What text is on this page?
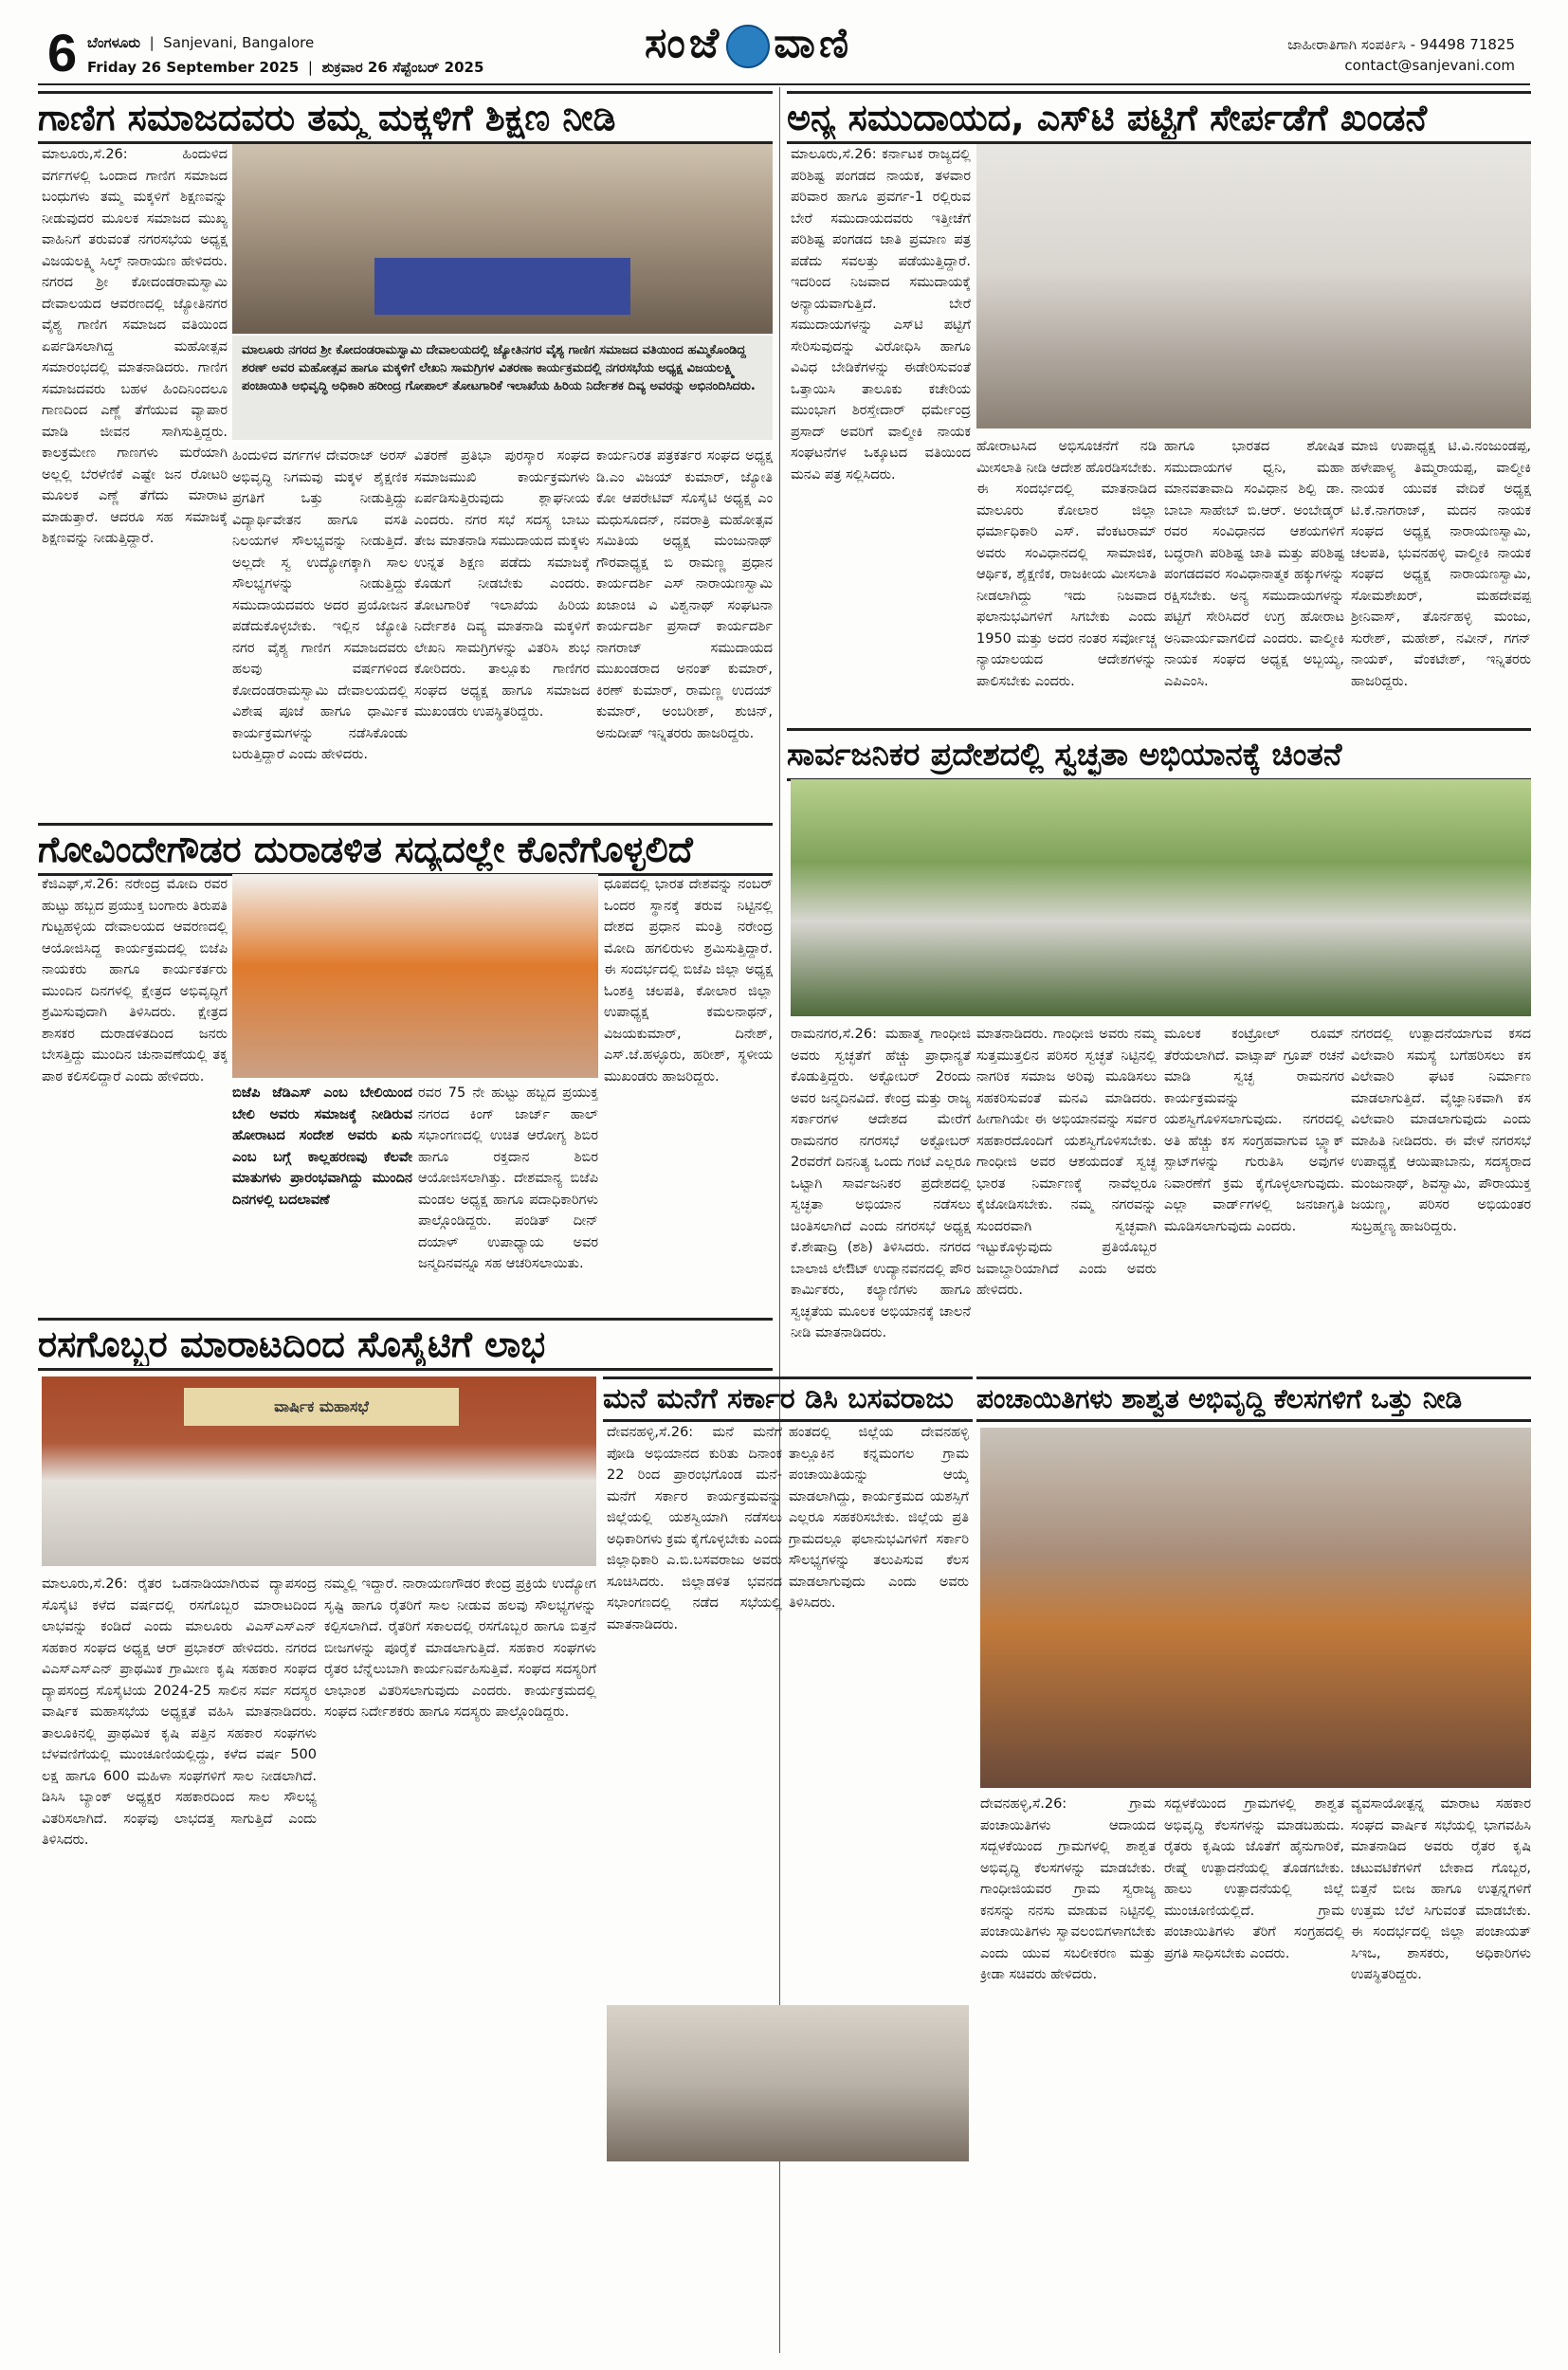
6 ಬೆಂಗಳೂರು  |  Sanjevani, Bangalore
Friday 26 September 2025  |  ಶುಕ್ರವಾರ 26 ಸೆಪ್ಟೆಂಬರ್ 2025	ಸಂಜೆ ವಾಣಿ	ಜಾಹೀರಾತಿಗಾಗಿ ಸಂಪರ್ಕಿಸಿ - 94498 71825
contact@sanjevani.com
ಗಾಣಿಗ ಸಮಾಜದವರು ತಮ್ಮ ಮಕ್ಕಳಿಗೆ ಶಿಕ್ಷಣ ನೀಡಿ

ಮಾಲೂರು,ಸೆ.26: ಹಿಂದುಳಿದ ವರ್ಗಗಳಲ್ಲಿ ಒಂದಾದ ಗಾಣಿಗ ಸಮಾಜದ ಬಂಧುಗಳು ತಮ್ಮ ಮಕ್ಕಳಿಗೆ ಶಿಕ್ಷಣವನ್ನು ನೀಡುವುದರ ಮೂಲಕ ಸಮಾಜದ ಮುಖ್ಯ ವಾಹಿನಿಗೆ ತರುವಂತೆ ನಗರಸಭೆಯ ಅಧ್ಯಕ್ಷ ವಿಜಯಲಕ್ಷ್ಮಿ ಸಿಲ್ಕ್ ನಾರಾಯಣ ಹೇಳಿದರು. ನಗರದ ಶ್ರೀ ಕೋದಂಡರಾಮಸ್ವಾಮಿ ದೇವಾಲಯದ ಆವರಣದಲ್ಲಿ ಜ್ಯೋತಿನಗರ ವೈಶ್ಯ ಗಾಣಿಗ ಸಮಾಜದ ವತಿಯಿಂದ ಏರ್ಪಡಿಸಲಾಗಿದ್ದ ಮಹೋತ್ಸವ ಸಮಾರಂಭದಲ್ಲಿ ಮಾತನಾಡಿದರು. ಗಾಣಿಗ ಸಮಾಜದವರು ಬಹಳ ಹಿಂದಿನಿಂದಲೂ ಗಾಣದಿಂದ ಎಣ್ಣೆ ತೆಗೆಯುವ ವ್ಯಾಪಾರ ಮಾಡಿ ಜೀವನ ಸಾಗಿಸುತ್ತಿದ್ದರು. ಕಾಲಕ್ರಮೇಣ ಗಾಣಗಳು ಮರೆಯಾಗಿ ಅಲ್ಲಲ್ಲಿ ಬೆರಳೆಣಿಕೆ ಎಷ್ಟೇ ಜನ ರೋಟರಿ ಮೂಲಕ ಎಣ್ಣೆ ತೆಗೆದು ಮಾರಾಟ ಮಾಡುತ್ತಾರೆ. ಆದರೂ ಸಹ ಸಮಾಜಕ್ಕೆ ಶಿಕ್ಷಣವನ್ನು ನೀಡುತ್ತಿದ್ದಾರೆ.

ಮಾಲೂರು ನಗರದ ಶ್ರೀ ಕೋದಂಡರಾಮಸ್ವಾಮಿ ದೇವಾಲಯದಲ್ಲಿ ಜ್ಯೋತಿನಗರ ವೈಶ್ಯ ಗಾಣಿಗ ಸಮಾಜದ ವತಿಯಿಂದ ಹಮ್ಮಿಕೊಂಡಿದ್ದ ಶರಣ್ ಅವರ ಮಹೋತ್ಸವ ಹಾಗೂ ಮಕ್ಕಳಿಗೆ ಲೇಖನಿ ಸಾಮಗ್ರಿಗಳ ವಿತರಣಾ ಕಾರ್ಯಕ್ರಮದಲ್ಲಿ ನಗರಸಭೆಯ ಅಧ್ಯಕ್ಷ ವಿಜಯಲಕ್ಷ್ಮಿ ಪಂಚಾಯಿತಿ ಅಭಿವೃದ್ಧಿ ಅಧಿಕಾರಿ ಹರೀಂದ್ರ ಗೋಪಾಲ್ ತೋಟಗಾರಿಕೆ ಇಲಾಖೆಯ ಹಿರಿಯ ನಿರ್ದೇಶಕ ದಿವ್ಯ ಅವರನ್ನು ಅಭಿನಂದಿಸಿದರು.

ಹಿಂದುಳಿದ ವರ್ಗಗಳ ದೇವರಾಜ್ ಅರಸ್ ಅಭಿವೃದ್ಧಿ ನಿಗಮವು ಮಕ್ಕಳ ಶೈಕ್ಷಣಿಕ ಪ್ರಗತಿಗೆ ಒತ್ತು ನೀಡುತ್ತಿದ್ದು ವಿದ್ಯಾರ್ಥಿವೇತನ ಹಾಗೂ ವಸತಿ ನಿಲಯಗಳ ಸೌಲಭ್ಯವನ್ನು ನೀಡುತ್ತಿದೆ. ಅಲ್ಲದೇ ಸ್ವ ಉದ್ಯೋಗಕ್ಕಾಗಿ ಸಾಲ ಸೌಲಭ್ಯಗಳನ್ನು ನೀಡುತ್ತಿದ್ದು ಸಮುದಾಯದವರು ಅದರ ಪ್ರಯೋಜನ ಪಡೆದುಕೊಳ್ಳಬೇಕು. ಇಲ್ಲಿನ ಜ್ಯೋತಿ ನಗರ ವೈಶ್ಯ ಗಾಣಿಗ ಸಮಾಜದವರು ಹಲವು ವರ್ಷಗಳಿಂದ ಕೋದಂಡರಾಮಸ್ವಾಮಿ ದೇವಾಲಯದಲ್ಲಿ ವಿಶೇಷ ಪೂಜೆ ಹಾಗೂ ಧಾರ್ಮಿಕ ಕಾರ್ಯಕ್ರಮಗಳನ್ನು ನಡೆಸಿಕೊಂಡು ಬರುತ್ತಿದ್ದಾರೆ ಎಂದು ಹೇಳಿದರು.

ವಿತರಣೆ ಪ್ರತಿಭಾ ಪುರಸ್ಕಾರ ಸಂಘದ ಸಮಾಜಮುಖಿ ಕಾರ್ಯಕ್ರಮಗಳು ಏರ್ಪಡಿಸುತ್ತಿರುವುದು ಶ್ಲಾಘನೀಯ ಎಂದರು. ನಗರ ಸಭೆ ಸದಸ್ಯ ಬಾಬು ತೇಜ ಮಾತನಾಡಿ ಸಮುದಾಯದ ಮಕ್ಕಳು ಉನ್ನತ ಶಿಕ್ಷಣ ಪಡೆದು ಸಮಾಜಕ್ಕೆ ಕೊಡುಗೆ ನೀಡಬೇಕು ಎಂದರು. ತೋಟಗಾರಿಕೆ ಇಲಾಖೆಯ ಹಿರಿಯ ನಿರ್ದೇಶಕಿ ದಿವ್ಯ ಮಾತನಾಡಿ ಮಕ್ಕಳಿಗೆ ಲೇಖನಿ ಸಾಮಗ್ರಿಗಳನ್ನು ವಿತರಿಸಿ ಶುಭ ಕೋರಿದರು. ತಾಲ್ಲೂಕು ಗಾಣಿಗರ ಸಂಘದ ಅಧ್ಯಕ್ಷ ಹಾಗೂ ಸಮಾಜದ ಮುಖಂಡರು ಉಪಸ್ಥಿತರಿದ್ದರು.

ಕಾರ್ಯನಿರತ ಪತ್ರಕರ್ತರ ಸಂಘದ ಅಧ್ಯಕ್ಷ ಡಿ.ಎಂ ವಿಜಯ್ ಕುಮಾರ್, ಜ್ಯೋತಿ ಕೋ ಆಪರೇಟಿವ್ ಸೊಸೈಟಿ ಅಧ್ಯಕ್ಷ ಎಂ ಮಧುಸೂದನ್, ನವರಾತ್ರಿ ಮಹೋತ್ಸವ ಸಮಿತಿಯ ಅಧ್ಯಕ್ಷ ಮಂಜುನಾಥ್ ಗೌರವಾಧ್ಯಕ್ಷ ಬಿ ರಾಮಣ್ಣ ಪ್ರಧಾನ ಕಾರ್ಯದರ್ಶಿ ಎಸ್ ನಾರಾಯಣಸ್ವಾಮಿ ಖಜಾಂಚಿ ವಿ ವಿಶ್ವನಾಥ್ ಸಂಘಟನಾ ಕಾರ್ಯದರ್ಶಿ ಪ್ರಸಾದ್ ಕಾರ್ಯದರ್ಶಿ ನಾಗರಾಜ್ ಸಮುದಾಯದ ಮುಖಂಡರಾದ ಅನಂತ್ ಕುಮಾರ್, ಕಿರಣ್ ಕುಮಾರ್, ರಾಮಣ್ಣ ಉದಯ್ ಕುಮಾರ್, ಅಂಬರೀಶ್, ಶುಚಿನ್, ಅನುದೀಪ್ ಇನ್ನಿತರರು ಹಾಜರಿದ್ದರು.

ಗೋವಿಂದೇಗೌಡರ ದುರಾಡಳಿತ ಸದ್ಯದಲ್ಲೇ ಕೊನೆಗೊಳ್ಳಲಿದೆ

ಕೆಜಿಎಫ್,ಸೆ.26: ನರೇಂದ್ರ ಮೋದಿ ರವರ ಹುಟ್ಟು ಹಬ್ಬದ ಪ್ರಯುಕ್ತ ಬಂಗಾರು ತಿರುಪತಿ ಗುಟ್ಟಹಳ್ಳಿಯ ದೇವಾಲಯದ ಆವರಣದಲ್ಲಿ ಆಯೋಜಿಸಿದ್ದ ಕಾರ್ಯಕ್ರಮದಲ್ಲಿ ಬಿಜೆಪಿ ನಾಯಕರು ಹಾಗೂ ಕಾರ್ಯಕರ್ತರು ಮುಂದಿನ ದಿನಗಳಲ್ಲಿ ಕ್ಷೇತ್ರದ ಅಭಿವೃದ್ಧಿಗೆ ಶ್ರಮಿಸುವುದಾಗಿ ತಿಳಿಸಿದರು. ಕ್ಷೇತ್ರದ ಶಾಸಕರ ದುರಾಡಳಿತದಿಂದ ಜನರು ಬೇಸತ್ತಿದ್ದು ಮುಂದಿನ ಚುನಾವಣೆಯಲ್ಲಿ ತಕ್ಕ ಪಾಠ ಕಲಿಸಲಿದ್ದಾರೆ ಎಂದು ಹೇಳಿದರು.

ಬಿಜೆಪಿ ಜೆಡಿಎಸ್ ಎಂಬ ಬೇಲಿಯಿಂದ ಬೇಲಿ ಅವರು ಸಮಾಜಕ್ಕೆ ನೀಡಿರುವ ಹೋರಾಟದ ಸಂದೇಶ ಅವರು ಏನು ಎಂಬ ಬಗ್ಗೆ ಕಾಲ್ಲಹರಣವು ಕೆಲವೇ ಮಾತುಗಳು ಪ್ರಾರಂಭವಾಗಿದ್ದು ಮುಂದಿನ ದಿನಗಳಲ್ಲಿ ಬದಲಾವಣೆ

ರವರ 75 ನೇ ಹುಟ್ಟು ಹಬ್ಬದ ಪ್ರಯುಕ್ತ ನಗರದ ಕಿಂಗ್ ಜಾರ್ಜ್ ಹಾಲ್ ಸಭಾಂಗಣದಲ್ಲಿ ಉಚಿತ ಆರೋಗ್ಯ ಶಿಬಿರ ಹಾಗೂ ರಕ್ತದಾನ ಶಿಬಿರ ಆಯೋಜಿಸಲಾಗಿತ್ತು. ದೇಶಮಾನ್ಯ ಬಿಜೆಪಿ ಮಂಡಲ ಅಧ್ಯಕ್ಷ ಹಾಗೂ ಪದಾಧಿಕಾರಿಗಳು ಪಾಲ್ಗೊಂಡಿದ್ದರು. ಪಂಡಿತ್ ದೀನ್ ದಯಾಳ್ ಉಪಾಧ್ಯಾಯ ಅವರ ಜನ್ಮದಿನವನ್ನೂ ಸಹ ಆಚರಿಸಲಾಯಿತು.

ಧೂಪದಲ್ಲಿ ಭಾರತ ದೇಶವನ್ನು ನಂಬರ್ ಒಂದರ ಸ್ಥಾನಕ್ಕೆ ತರುವ ನಿಟ್ಟಿನಲ್ಲಿ ದೇಶದ ಪ್ರಧಾನ ಮಂತ್ರಿ ನರೇಂದ್ರ ಮೋದಿ ಹಗಲಿರುಳು ಶ್ರಮಿಸುತ್ತಿದ್ದಾರೆ. ಈ ಸಂದರ್ಭದಲ್ಲಿ ಬಿಜೆಪಿ ಜಿಲ್ಲಾ ಅಧ್ಯಕ್ಷ ಓಂಶಕ್ತಿ ಚಲಪತಿ, ಕೋಲಾರ ಜಿಲ್ಲಾ ಉಪಾಧ್ಯಕ್ಷ ಕಮಲನಾಥನ್, ವಿಜಯಕುಮಾರ್, ದಿನೇಶ್, ಎಸ್.ಜೆ.ಹಳ್ಳೂರು, ಹರೀಶ್, ಸ್ಥಳೀಯ ಮುಖಂಡರು ಹಾಜರಿದ್ದರು.

ರಸಗೊಬ್ಬರ ಮಾರಾಟದಿಂದ ಸೊಸೈಟಿಗೆ ಲಾಭ
ವಾರ್ಷಿಕ ಮಹಾಸಭೆ

ಮಾಲೂರು,ಸೆ.26: ರೈತರ ಒಡನಾಡಿಯಾಗಿರುವ ದ್ಯಾಪಸಂದ್ರ ಸೊಸೈಟಿ ಕಳೆದ ವರ್ಷದಲ್ಲಿ ರಸಗೊಬ್ಬರ ಮಾರಾಟದಿಂದ ಲಾಭವನ್ನು ಕಂಡಿದೆ ಎಂದು ಮಾಲೂರು ವಿಎಸ್‌ಎಸ್‌ಎನ್ ಸಹಕಾರ ಸಂಘದ ಅಧ್ಯಕ್ಷ ಆರ್ ಪ್ರಭಾಕರ್ ಹೇಳಿದರು. ನಗರದ ವಿಎಸ್‌ಎಸ್‌ಎನ್ ಪ್ರಾಥಮಿಕ ಗ್ರಾಮೀಣ ಕೃಷಿ ಸಹಕಾರ ಸಂಘದ ದ್ಯಾಪಸಂದ್ರ ಸೊಸೈಟಿಯ 2024-25 ಸಾಲಿನ ಸರ್ವ ಸದಸ್ಯರ ವಾರ್ಷಿಕ ಮಹಾಸಭೆಯ ಅಧ್ಯಕ್ಷತೆ ವಹಿಸಿ ಮಾತನಾಡಿದರು. ತಾಲೂಕಿನಲ್ಲಿ ಪ್ರಾಥಮಿಕ ಕೃಷಿ ಪತ್ತಿನ ಸಹಕಾರ ಸಂಘಗಳು ಬೆಳವಣಿಗೆಯಲ್ಲಿ ಮುಂಚೂಣಿಯಲ್ಲಿದ್ದು, ಕಳೆದ ವರ್ಷ 500 ಲಕ್ಷ ಹಾಗೂ 600 ಮಹಿಳಾ ಸಂಘಗಳಿಗೆ ಸಾಲ ನೀಡಲಾಗಿದೆ. ಡಿಸಿಸಿ ಬ್ಯಾಂಕ್ ಅಧ್ಯಕ್ಷರ ಸಹಕಾರದಿಂದ ಸಾಲ ಸೌಲಭ್ಯ ವಿತರಿಸಲಾಗಿದೆ. ಸಂಘವು ಲಾಭದತ್ತ ಸಾಗುತ್ತಿದೆ ಎಂದು ತಿಳಿಸಿದರು.

ನಮ್ಮಲ್ಲಿ ಇದ್ದಾರೆ. ನಾರಾಯಣಗೌಡರ ಕೇಂದ್ರ ಪ್ರಕ್ರಿಯೆ ಉದ್ಯೋಗ ಸೃಷ್ಟಿ ಹಾಗೂ ರೈತರಿಗೆ ಸಾಲ ನೀಡುವ ಹಲವು ಸೌಲಭ್ಯಗಳನ್ನು ಕಲ್ಪಿಸಲಾಗಿದೆ. ರೈತರಿಗೆ ಸಕಾಲದಲ್ಲಿ ರಸಗೊಬ್ಬರ ಹಾಗೂ ಬಿತ್ತನೆ ಬೀಜಗಳನ್ನು ಪೂರೈಕೆ ಮಾಡಲಾಗುತ್ತಿದೆ. ಸಹಕಾರ ಸಂಘಗಳು ರೈತರ ಬೆನ್ನೆಲುಬಾಗಿ ಕಾರ್ಯನಿರ್ವಹಿಸುತ್ತಿವೆ. ಸಂಘದ ಸದಸ್ಯರಿಗೆ ಲಾಭಾಂಶ ವಿತರಿಸಲಾಗುವುದು ಎಂದರು. ಕಾರ್ಯಕ್ರಮದಲ್ಲಿ ಸಂಘದ ನಿರ್ದೇಶಕರು ಹಾಗೂ ಸದಸ್ಯರು ಪಾಲ್ಗೊಂಡಿದ್ದರು.

ಮನೆ ಮನೆಗೆ ಸರ್ಕಾರ ಡಿಸಿ ಬಸವರಾಜು

ದೇವನಹಳ್ಳಿ,ಸೆ.26: ಮನೆ ಮನೆಗೆ ಪೋಡಿ ಅಭಿಯಾನದ ಕುರಿತು ದಿನಾಂಕ 22 ರಿಂದ ಪ್ರಾರಂಭಗೊಂಡ ಮನೆ-ಮನೆಗೆ ಸರ್ಕಾರ ಕಾರ್ಯಕ್ರಮವನ್ನು ಜಿಲ್ಲೆಯಲ್ಲಿ ಯಶಸ್ವಿಯಾಗಿ ನಡೆಸಲು ಅಧಿಕಾರಿಗಳು ಕ್ರಮ ಕೈಗೊಳ್ಳಬೇಕು ಎಂದು ಜಿಲ್ಲಾಧಿಕಾರಿ ಎ.ಬಿ.ಬಸವರಾಜು ಅವರು ಸೂಚಿಸಿದರು. ಜಿಲ್ಲಾಡಳಿತ ಭವನದ ಸಭಾಂಗಣದಲ್ಲಿ ನಡೆದ ಸಭೆಯಲ್ಲಿ ಮಾತನಾಡಿದರು.

ಹಂತದಲ್ಲಿ ಜಿಲ್ಲೆಯ ದೇವನಹಳ್ಳಿ ತಾಲ್ಲೂಕಿನ ಕನ್ನಮಂಗಲ ಗ್ರಾಮ ಪಂಚಾಯಿತಿಯನ್ನು ಆಯ್ಕೆ ಮಾಡಲಾಗಿದ್ದು, ಕಾರ್ಯಕ್ರಮದ ಯಶಸ್ಸಿಗೆ ಎಲ್ಲರೂ ಸಹಕರಿಸಬೇಕು. ಜಿಲ್ಲೆಯ ಪ್ರತಿ ಗ್ರಾಮದಲ್ಲೂ ಫಲಾನುಭವಿಗಳಿಗೆ ಸರ್ಕಾರಿ ಸೌಲಭ್ಯಗಳನ್ನು ತಲುಪಿಸುವ ಕೆಲಸ ಮಾಡಲಾಗುವುದು ಎಂದು ಅವರು ತಿಳಿಸಿದರು.

ಅನ್ಯ ಸಮುದಾಯದ, ಎಸ್‌ಟಿ ಪಟ್ಟಿಗೆ ಸೇರ್ಪಡೆಗೆ ಖಂಡನೆ

ಮಾಲೂರು,ಸೆ.26: ಕರ್ನಾಟಕ ರಾಜ್ಯದಲ್ಲಿ ಪರಿಶಿಷ್ಟ ಪಂಗಡದ ನಾಯಕ, ತಳವಾರ ಪರಿವಾರ ಹಾಗೂ ಪ್ರವರ್ಗ-1 ರಲ್ಲಿರುವ ಬೇರೆ ಸಮುದಾಯದವರು ಇತ್ತೀಚೆಗೆ ಪರಿಶಿಷ್ಟ ಪಂಗಡದ ಜಾತಿ ಪ್ರಮಾಣ ಪತ್ರ ಪಡೆದು ಸವಲತ್ತು ಪಡೆಯುತ್ತಿದ್ದಾರೆ. ಇದರಿಂದ ನಿಜವಾದ ಸಮುದಾಯಕ್ಕೆ ಅನ್ಯಾಯವಾಗುತ್ತಿದೆ. ಬೇರೆ ಸಮುದಾಯಗಳನ್ನು ಎಸ್‌ಟಿ ಪಟ್ಟಿಗೆ ಸೇರಿಸುವುದನ್ನು ವಿರೋಧಿಸಿ ಹಾಗೂ ವಿವಿಧ ಬೇಡಿಕೆಗಳನ್ನು ಈಡೇರಿಸುವಂತೆ ಒತ್ತಾಯಿಸಿ ತಾಲೂಕು ಕಚೇರಿಯ ಮುಂಭಾಗ ಶಿರಸ್ತೇದಾರ್ ಧರ್ಮೇಂದ್ರ ಪ್ರಸಾದ್ ಅವರಿಗೆ ವಾಲ್ಮೀಕಿ ನಾಯಕ ಸಂಘಟನೆಗಳ ಒಕ್ಕೂಟದ ವತಿಯಿಂದ ಮನವಿ ಪತ್ರ ಸಲ್ಲಿಸಿದರು.

ಹೋರಾಟಸಿದ ಅಭಿಸೂಚನೆಗೆ ನಡಿ ಮೀಸಲಾತಿ ನೀಡಿ ಆದೇಶ ಹೊರಡಿಸಬೇಕು. ಈ ಸಂದರ್ಭದಲ್ಲಿ ಮಾತನಾಡಿದ ಮಾಲೂರು ಕೋಲಾರ ಜಿಲ್ಲಾ ಧರ್ಮಾಧಿಕಾರಿ ಎಸ್. ವೆಂಕಟರಾಮ್ ಅವರು ಸಂವಿಧಾನದಲ್ಲಿ ಸಾಮಾಜಿಕ, ಆರ್ಥಿಕ, ಶೈಕ್ಷಣಿಕ, ರಾಜಕೀಯ ಮೀಸಲಾತಿ ನೀಡಲಾಗಿದ್ದು ಇದು ನಿಜವಾದ ಫಲಾನುಭವಿಗಳಿಗೆ ಸಿಗಬೇಕು ಎಂದು 1950 ಮತ್ತು ಅದರ ನಂತರ ಸರ್ವೋಚ್ಚ ನ್ಯಾಯಾಲಯದ ಆದೇಶಗಳನ್ನು ಪಾಲಿಸಬೇಕು ಎಂದರು.

ಹಾಗೂ ಭಾರತದ ಶೋಷಿತ ಸಮುದಾಯಗಳ ಧ್ವನಿ, ಮಹಾ ಮಾನವತಾವಾದಿ ಸಂವಿಧಾನ ಶಿಲ್ಪಿ ಡಾ. ಬಾಬಾ ಸಾಹೇಬ್ ಬಿ.ಆರ್. ಅಂಬೇಡ್ಕರ್ ರವರ ಸಂವಿಧಾನದ ಆಶಯಗಳಿಗೆ ಬದ್ಧರಾಗಿ ಪರಿಶಿಷ್ಟ ಜಾತಿ ಮತ್ತು ಪರಿಶಿಷ್ಟ ಪಂಗಡದವರ ಸಂವಿಧಾನಾತ್ಮಕ ಹಕ್ಕುಗಳನ್ನು ರಕ್ಷಿಸಬೇಕು. ಅನ್ಯ ಸಮುದಾಯಗಳನ್ನು ಪಟ್ಟಿಗೆ ಸೇರಿಸಿದರೆ ಉಗ್ರ ಹೋರಾಟ ಅನಿವಾರ್ಯವಾಗಲಿದೆ ಎಂದರು. ವಾಲ್ಮೀಕಿ ನಾಯಕ ಸಂಘದ ಅಧ್ಯಕ್ಷ ಅಬ್ಬಯ್ಯ, ಎಪಿಎಂಸಿ.

ಮಾಜಿ ಉಪಾಧ್ಯಕ್ಷ ಟಿ.ವಿ.ನಂಜುಂಡಪ್ಪ, ಹಳೇಪಾಳ್ಯ ತಿಮ್ಮರಾಯಪ್ಪ, ವಾಲ್ಮೀಕಿ ನಾಯಕ ಯುವಕ ವೇದಿಕೆ ಅಧ್ಯಕ್ಷ ಟಿ.ಕೆ.ನಾಗರಾಜ್, ಮದನ ನಾಯಕ ಸಂಘದ ಅಧ್ಯಕ್ಷ ನಾರಾಯಣಸ್ವಾಮಿ, ಚಲಪತಿ, ಭುವನಹಳ್ಳಿ ವಾಲ್ಮೀಕಿ ನಾಯಕ ಸಂಘದ ಅಧ್ಯಕ್ಷ ನಾರಾಯಣಸ್ವಾಮಿ, ಸೋಮಶೇಖರ್, ಮಹದೇವಪ್ಪ ಶ್ರೀನಿವಾಸ್, ತೊರ್ನಹಳ್ಳಿ ಮಂಜು, ಸುರೇಶ್, ಮಹೇಶ್, ನವೀನ್, ಗಗನ್ ನಾಯಕ್, ವೆಂಕಟೇಶ್, ಇನ್ನಿತರರು ಹಾಜರಿದ್ದರು.

ಸಾರ್ವಜನಿಕರ ಪ್ರದೇಶದಲ್ಲಿ ಸ್ವಚ್ಛತಾ ಅಭಿಯಾನಕ್ಕೆ ಚಿಂತನೆ

ರಾಮನಗರ,ಸೆ.26: ಮಹಾತ್ಮ ಗಾಂಧೀಜಿ ಅವರು ಸ್ವಚ್ಛತೆಗೆ ಹೆಚ್ಚು ಪ್ರಾಧಾನ್ಯತೆ ಕೊಡುತ್ತಿದ್ದರು. ಅಕ್ಟೋಬರ್ 2ರಂದು ಅವರ ಜನ್ಮದಿನವಿದೆ. ಕೇಂದ್ರ ಮತ್ತು ರಾಜ್ಯ ಸರ್ಕಾರಗಳ ಆದೇಶದ ಮೇರೆಗೆ ರಾಮನಗರ ನಗರಸಭೆ ಅಕ್ಟೋಬರ್ 2ರವರೆಗೆ ದಿನನಿತ್ಯ ಒಂದು ಗಂಟೆ ಎಲ್ಲರೂ ಒಟ್ಟಾಗಿ ಸಾರ್ವಜನಿಕರ ಪ್ರದೇಶದಲ್ಲಿ ಸ್ವಚ್ಛತಾ ಅಭಿಯಾನ ನಡೆಸಲು ಚಿಂತಿಸಲಾಗಿದೆ ಎಂದು ನಗರಸಭೆ ಅಧ್ಯಕ್ಷ ಕೆ.ಶೇಷಾದ್ರಿ (ಶಶಿ) ತಿಳಿಸಿದರು. ನಗರದ ಬಾಲಾಜಿ ಲೇಔಟ್ ಉದ್ಯಾನವನದಲ್ಲಿ ಪೌರ ಕಾರ್ಮಿಕರು, ಕಲ್ಯಾಣಿಗಳು ಹಾಗೂ ಸ್ವಚ್ಛತೆಯ ಮೂಲಕ ಅಭಿಯಾನಕ್ಕೆ ಚಾಲನೆ ನೀಡಿ ಮಾತನಾಡಿದರು.

ಮಾತನಾಡಿದರು. ಗಾಂಧೀಜಿ ಅವರು ನಮ್ಮ ಸುತ್ತಮುತ್ತಲಿನ ಪರಿಸರ ಸ್ವಚ್ಛತೆ ನಿಟ್ಟಿನಲ್ಲಿ ನಾಗರಿಕ ಸಮಾಜ ಅರಿವು ಮೂಡಿಸಲು ಸಹಕರಿಸುವಂತೆ ಮನವಿ ಮಾಡಿದರು. ಹೀಗಾಗಿಯೇ ಈ ಅಭಿಯಾನವನ್ನು ಸರ್ವರ ಸಹಕಾರದೊಂದಿಗೆ ಯಶಸ್ವಿಗೊಳಿಸಬೇಕು. ಗಾಂಧೀಜಿ ಅವರ ಆಶಯದಂತೆ ಸ್ವಚ್ಛ ಭಾರತ ನಿರ್ಮಾಣಕ್ಕೆ ನಾವೆಲ್ಲರೂ ಕೈಜೋಡಿಸಬೇಕು. ನಮ್ಮ ನಗರವನ್ನು ಸುಂದರವಾಗಿ ಸ್ವಚ್ಛವಾಗಿ ಇಟ್ಟುಕೊಳ್ಳುವುದು ಪ್ರತಿಯೊಬ್ಬರ ಜವಾಬ್ದಾರಿಯಾಗಿದೆ ಎಂದು ಅವರು ಹೇಳಿದರು.

ಮೂಲಕ ಕಂಟ್ರೋಲ್ ರೂಮ್ ತೆರೆಯಲಾಗಿದೆ. ವಾಟ್ಸಾಪ್ ಗ್ರೂಪ್ ರಚನೆ ಮಾಡಿ ಸ್ವಚ್ಛ ರಾಮನಗರ ಕಾರ್ಯಕ್ರಮವನ್ನು ಯಶಸ್ವಿಗೊಳಿಸಲಾಗುವುದು. ನಗರದಲ್ಲಿ ಅತಿ ಹೆಚ್ಚು ಕಸ ಸಂಗ್ರಹವಾಗುವ ಬ್ಲ್ಯಾಕ್ ಸ್ಪಾಟ್‌ಗಳನ್ನು ಗುರುತಿಸಿ ಅವುಗಳ ನಿವಾರಣೆಗೆ ಕ್ರಮ ಕೈಗೊಳ್ಳಲಾಗುವುದು. ಎಲ್ಲಾ ವಾರ್ಡ್‌ಗಳಲ್ಲಿ ಜನಜಾಗೃತಿ ಮೂಡಿಸಲಾಗುವುದು ಎಂದರು.

ನಗರದಲ್ಲಿ ಉತ್ಪಾದನೆಯಾಗುವ ಕಸದ ವಿಲೇವಾರಿ ಸಮಸ್ಯೆ ಬಗೆಹರಿಸಲು ಕಸ ವಿಲೇವಾರಿ ಘಟಕ ನಿರ್ಮಾಣ ಮಾಡಲಾಗುತ್ತಿದೆ. ವೈಜ್ಞಾನಿಕವಾಗಿ ಕಸ ವಿಲೇವಾರಿ ಮಾಡಲಾಗುವುದು ಎಂದು ಮಾಹಿತಿ ನೀಡಿದರು. ಈ ವೇಳೆ ನಗರಸಭೆ ಉಪಾಧ್ಯಕ್ಷೆ ಆಯಿಷಾಬಾನು, ಸದಸ್ಯರಾದ ಮಂಜುನಾಥ್, ಶಿವಸ್ವಾಮಿ, ಪೌರಾಯುಕ್ತ ಜಯಣ್ಣ, ಪರಿಸರ ಅಭಿಯಂತರ ಸುಬ್ರಹ್ಮಣ್ಯ ಹಾಜರಿದ್ದರು.

ಪಂಚಾಯಿತಿಗಳು ಶಾಶ್ವತ ಅಭಿವೃದ್ಧಿ ಕೆಲಸಗಳಿಗೆ ಒತ್ತು ನೀಡಿ

ದೇವನಹಳ್ಳಿ,ಸೆ.26: ಗ್ರಾಮ ಪಂಚಾಯಿತಿಗಳು ಆದಾಯದ ಸದ್ಬಳಕೆಯಿಂದ ಗ್ರಾಮಗಳಲ್ಲಿ ಶಾಶ್ವತ ಅಭಿವೃದ್ಧಿ ಕೆಲಸಗಳನ್ನು ಮಾಡಬೇಕು. ಗಾಂಧೀಜಿಯವರ ಗ್ರಾಮ ಸ್ವರಾಜ್ಯ ಕನಸನ್ನು ನನಸು ಮಾಡುವ ನಿಟ್ಟಿನಲ್ಲಿ ಪಂಚಾಯಿತಿಗಳು ಸ್ವಾವಲಂಬಿಗಳಾಗಬೇಕು ಎಂದು ಯುವ ಸಬಲೀಕರಣ ಮತ್ತು ಕ್ರೀಡಾ ಸಚಿವರು ಹೇಳಿದರು.

ಸದ್ಬಳಕೆಯಿಂದ ಗ್ರಾಮಗಳಲ್ಲಿ ಶಾಶ್ವತ ಅಭಿವೃದ್ಧಿ ಕೆಲಸಗಳನ್ನು ಮಾಡಬಹುದು. ರೈತರು ಕೃಷಿಯ ಜೊತೆಗೆ ಹೈನುಗಾರಿಕೆ, ರೇಷ್ಮೆ ಉತ್ಪಾದನೆಯಲ್ಲಿ ತೊಡಗಬೇಕು. ಹಾಲು ಉತ್ಪಾದನೆಯಲ್ಲಿ ಜಿಲ್ಲೆ ಮುಂಚೂಣಿಯಲ್ಲಿದೆ. ಗ್ರಾಮ ಪಂಚಾಯಿತಿಗಳು ತೆರಿಗೆ ಸಂಗ್ರಹದಲ್ಲಿ ಪ್ರಗತಿ ಸಾಧಿಸಬೇಕು ಎಂದರು.

ವ್ಯವಸಾಯೋತ್ಪನ್ನ ಮಾರಾಟ ಸಹಕಾರ ಸಂಘದ ವಾರ್ಷಿಕ ಸಭೆಯಲ್ಲಿ ಭಾಗವಹಿಸಿ ಮಾತನಾಡಿದ ಅವರು ರೈತರ ಕೃಷಿ ಚಟುವಟಿಕೆಗಳಿಗೆ ಬೇಕಾದ ಗೊಬ್ಬರ, ಬಿತ್ತನೆ ಬೀಜ ಹಾಗೂ ಉತ್ಪನ್ನಗಳಿಗೆ ಉತ್ತಮ ಬೆಲೆ ಸಿಗುವಂತೆ ಮಾಡಬೇಕು. ಈ ಸಂದರ್ಭದಲ್ಲಿ ಜಿಲ್ಲಾ ಪಂಚಾಯತ್ ಸಿಇಒ, ಶಾಸಕರು, ಅಧಿಕಾರಿಗಳು ಉಪಸ್ಥಿತರಿದ್ದರು.
